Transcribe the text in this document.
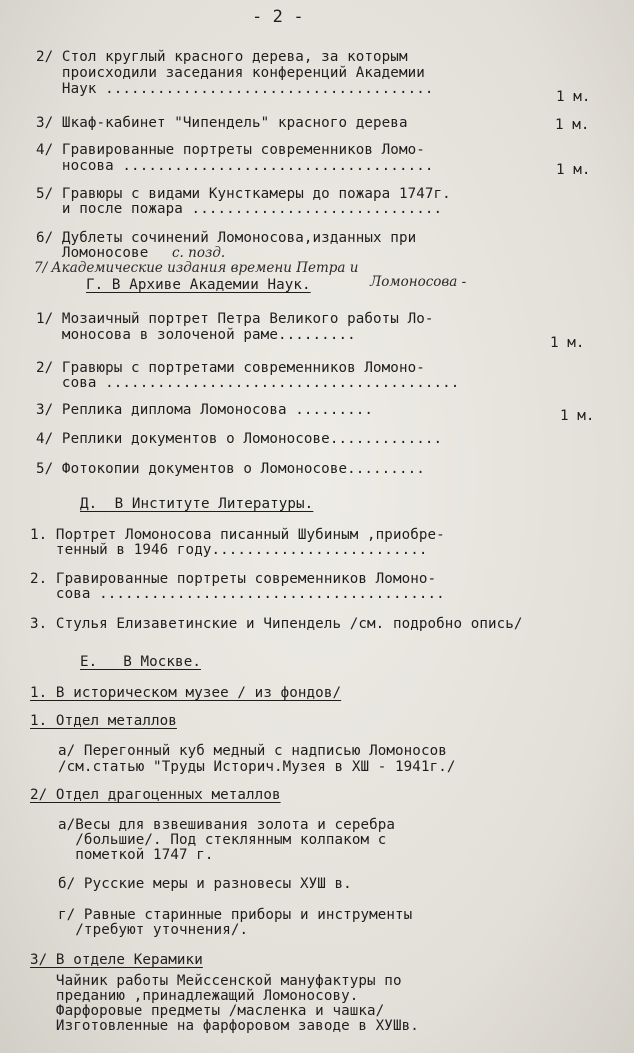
- 2 -
2/ Стол круглый красного дерева, за которым
происходили заседания конференций Академии
Наук ......................................	1 м.
3/ Шкаф-кабинет "Чипендель" красного дерева	1 м.
4/ Гравированные портреты современников Ломо-
носова ....................................	1 м.
5/ Гравюры с видами Кунсткамеры до пожара 1747г.
и после пожара .............................
6/ Дублеты сочинений Ломоносова,изданных при
Ломоносове с. позд.
7/ Академические издания времени Петра и
Ломоносова -
Г. В Архиве Академии Наук.
1/ Мозаичный портрет Петра Великого работы Ло-
моносова в золоченой раме.........	1 м.
2/ Гравюры с портретами современников Ломоно-
сова .........................................
3/ Реплика диплома Ломоносова .........	1 м.
4/ Реплики документов о Ломоносове.............
5/ Фотокопии документов о Ломоносове.........
Д.  В Институте Литературы.
1. Портрет Ломоносова писанный Шубиным ,приобре-
тенный в 1946 году.........................
2. Гравированные портреты современников Ломоно-
сова ........................................
3. Стулья Елизаветинские и Чипендель /см. подробно опись/
Е.   В Москве.
1. В историческом музее / из фондов/
1. Отдел металлов
а/ Перегонный куб медный с надписью Ломоносов
/см.статью "Труды Историч.Музея в ХШ - 1941г./
2/ Отдел драгоценных металлов
а/Весы для взвешивания золота и серебра
/большие/. Под стеклянным колпаком с
пометкой 1747 г.
б/ Русские меры и разновесы ХУШ в.
г/ Равные старинные приборы и инструменты
/требуют уточнения/.
3/ В отделе Керамики
Чайник работы Мейссенской мануфактуры по
преданию ,принадлежащий Ломоносову.
Фарфоровые предметы /масленка и чашка/
Изготовленные на фарфоровом заводе в ХУШв.
